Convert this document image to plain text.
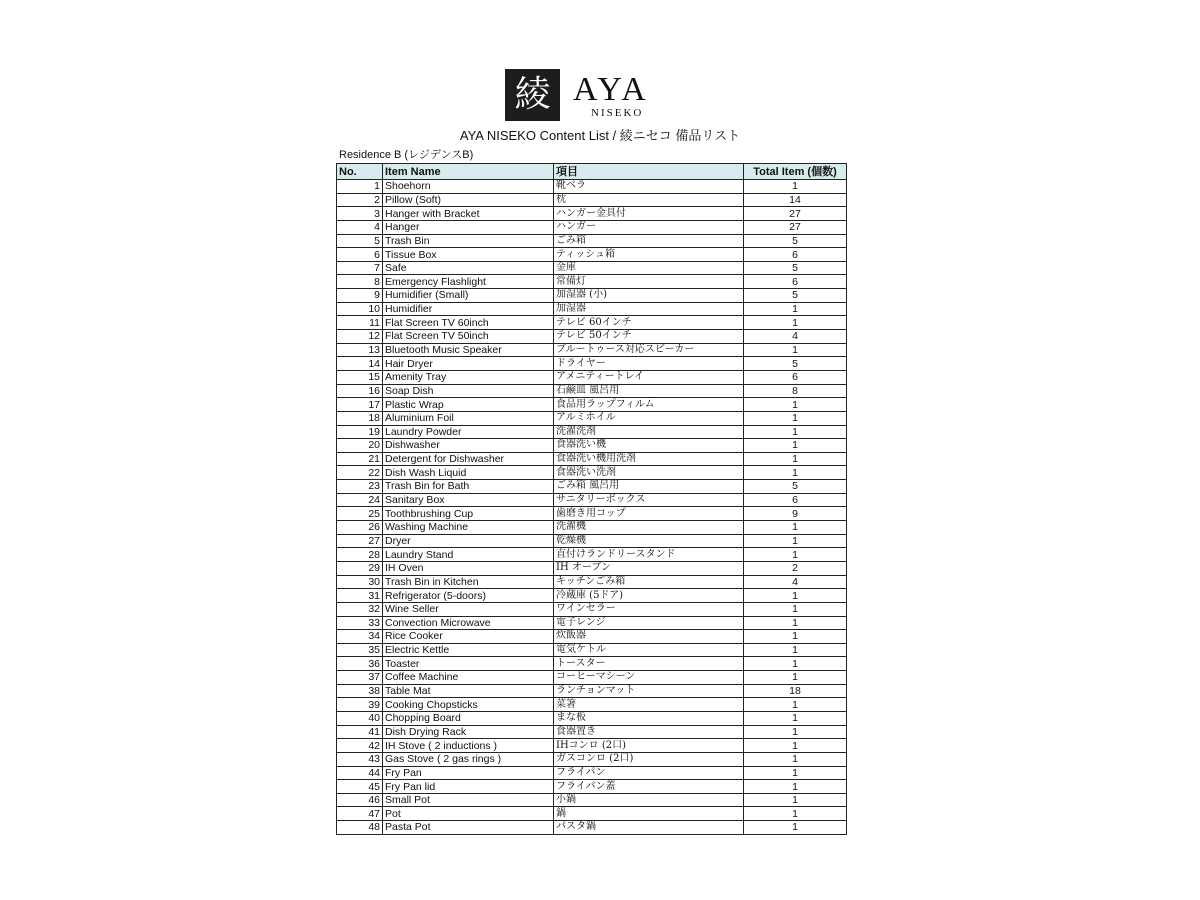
綾 AYA
NISEKO
AYA NISEKO Content List / 綾ニセコ 備品リスト
Residence B (レジデンスB)
No.	Item Name	項目	Total Item (個数)
1	Shoehorn	靴ベラ	1
2	Pillow (Soft)	枕	14
3	Hanger with Bracket	ハンガー金具付	27
4	Hanger	ハンガー	27
5	Trash Bin	ごみ箱	5
6	Tissue Box	ティッシュ箱	6
7	Safe	金庫	5
8	Emergency Flashlight	常備灯	6
9	Humidifier (Small)	加湿器 (小)	5
10	Humidifier	加湿器	1
11	Flat Screen TV 60inch	テレビ 60インチ	1
12	Flat Screen TV 50inch	テレビ 50インチ	4
13	Bluetooth Music Speaker	ブルートゥース対応スピーカー	1
14	Hair Dryer	ドライヤー	5
15	Amenity Tray	アメニティートレイ	6
16	Soap Dish	石鹸皿 風呂用	8
17	Plastic Wrap	食品用ラップフィルム	1
18	Aluminium Foil	アルミホイル	1
19	Laundry Powder	洗濯洗剤	1
20	Dishwasher	食器洗い機	1
21	Detergent for Dishwasher	食器洗い機用洗剤	1
22	Dish Wash Liquid	食器洗い洗剤	1
23	Trash Bin for Bath	ごみ箱 風呂用	5
24	Sanitary Box	サニタリーボックス	6
25	Toothbrushing Cup	歯磨き用コップ	9
26	Washing Machine	洗濯機	1
27	Dryer	乾燥機	1
28	Laundry Stand	直付けランドリースタンド	1
29	IH Oven	IH オーブン	2
30	Trash Bin in Kitchen	キッチンごみ箱	4
31	Refrigerator (5-doors)	冷蔵庫 (5ドア)	1
32	Wine Seller	ワインセラー	1
33	Convection Microwave	電子レンジ	1
34	Rice Cooker	炊飯器	1
35	Electric Kettle	電気ケトル	1
36	Toaster	トースター	1
37	Coffee Machine	コーヒーマシーン	1
38	Table Mat	ランチョンマット	18
39	Cooking Chopsticks	菜箸	1
40	Chopping Board	まな板	1
41	Dish Drying Rack	食器置き	1
42	IH Stove ( 2 inductions )	IHコンロ (2口)	1
43	Gas Stove ( 2 gas rings )	ガスコンロ (2口)	1
44	Fry Pan	フライパン	1
45	Fry Pan lid	フライパン蓋	1
46	Small Pot	小鍋	1
47	Pot	鍋	1
48	Pasta Pot	パスタ鍋	1
